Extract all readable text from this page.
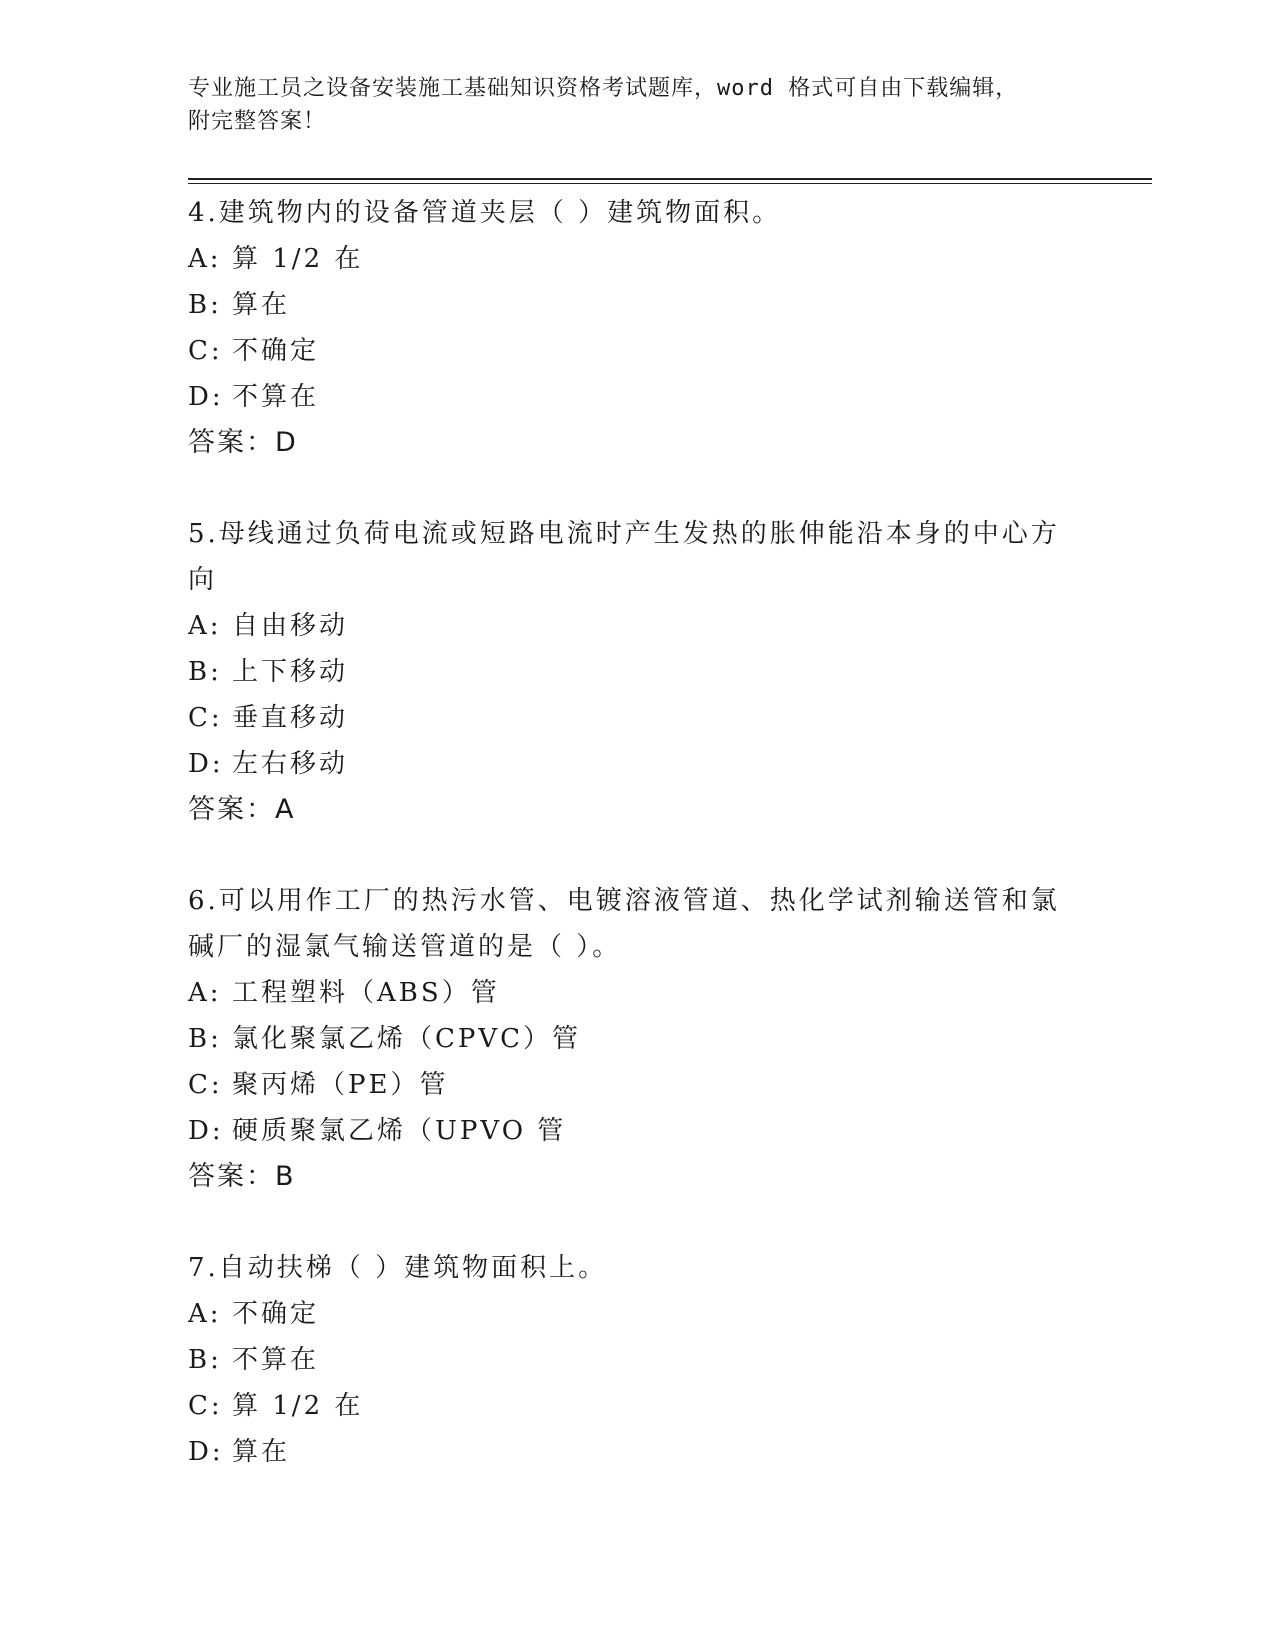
专业施工员之设备安装施工基础知识资格考试题库，word 格式可自由下载编辑，
附完整答案！

4.建筑物内的设备管道夹层（ ）建筑物面积。

A: 算 1/2 在

B: 算在

C: 不确定

D: 不算在

答案：D

5.母线通过负荷电流或短路电流时产生发热的胀伸能沿本身的中心方向

A: 自由移动

B: 上下移动

C: 垂直移动

D: 左右移动

答案：A

6.可以用作工厂的热污水管、电镀溶液管道、热化学试剂输送管和氯碱厂的湿氯气输送管道的是（ ）。

A: 工程塑料（ABS）管

B: 氯化聚氯乙烯（CPVC）管

C: 聚丙烯（PE）管

D: 硬质聚氯乙烯（UPVO 管

答案：B

7.自动扶梯（ ）建筑物面积上。

A: 不确定

B: 不算在

C: 算 1/2 在

D: 算在
